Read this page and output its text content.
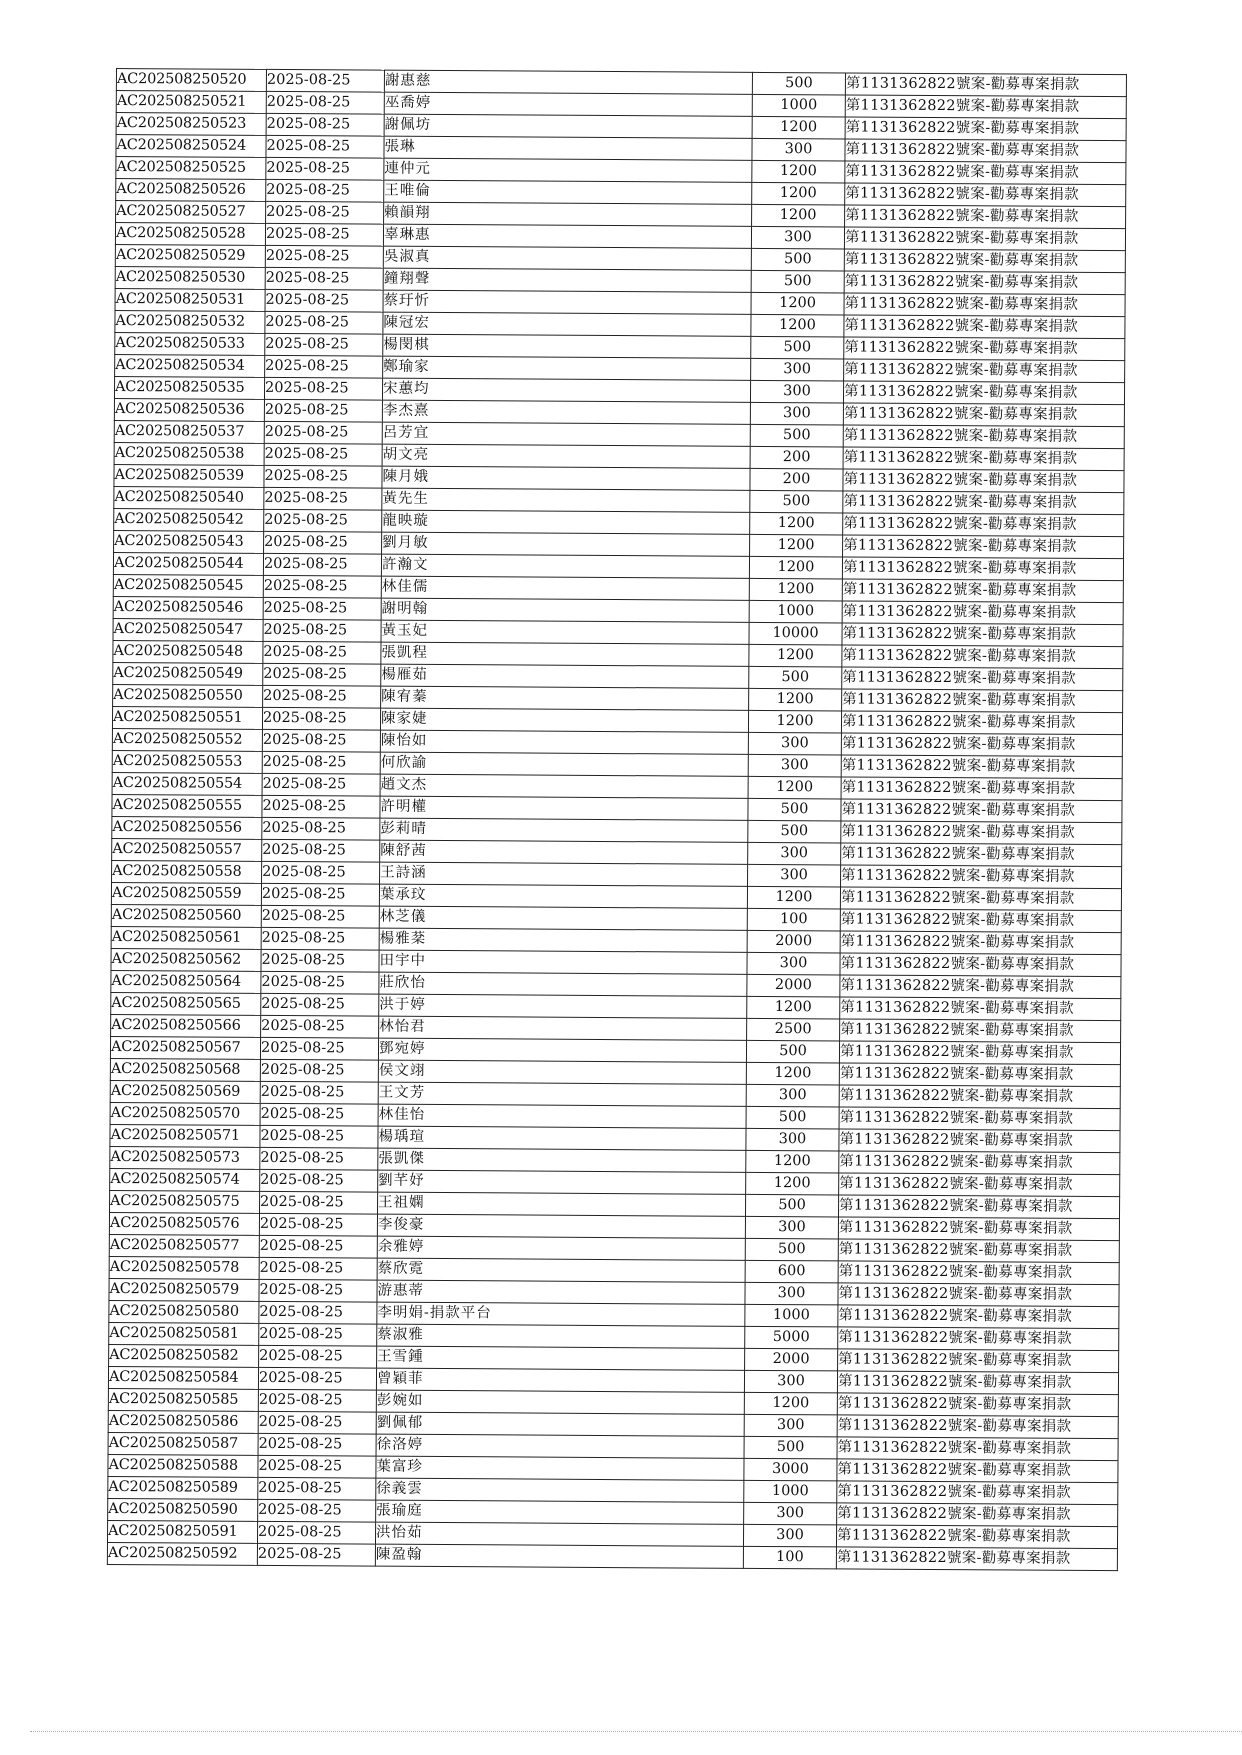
AC202508250520	2025-08-25	謝惠慈	500	第1131362822號案-勸募專案捐款
AC202508250521	2025-08-25	巫喬婷	1000	第1131362822號案-勸募專案捐款
AC202508250523	2025-08-25	謝佩坊	1200	第1131362822號案-勸募專案捐款
AC202508250524	2025-08-25	張琳	300	第1131362822號案-勸募專案捐款
AC202508250525	2025-08-25	連仲元	1200	第1131362822號案-勸募專案捐款
AC202508250526	2025-08-25	王唯倫	1200	第1131362822號案-勸募專案捐款
AC202508250527	2025-08-25	賴韻翔	1200	第1131362822號案-勸募專案捐款
AC202508250528	2025-08-25	辜琳惠	300	第1131362822號案-勸募專案捐款
AC202508250529	2025-08-25	吳淑真	500	第1131362822號案-勸募專案捐款
AC202508250530	2025-08-25	鐘翔聲	500	第1131362822號案-勸募專案捐款
AC202508250531	2025-08-25	蔡玗忻	1200	第1131362822號案-勸募專案捐款
AC202508250532	2025-08-25	陳冠宏	1200	第1131362822號案-勸募專案捐款
AC202508250533	2025-08-25	楊閔棋	500	第1131362822號案-勸募專案捐款
AC202508250534	2025-08-25	鄭瑜家	300	第1131362822號案-勸募專案捐款
AC202508250535	2025-08-25	宋蕙均	300	第1131362822號案-勸募專案捐款
AC202508250536	2025-08-25	李杰熹	300	第1131362822號案-勸募專案捐款
AC202508250537	2025-08-25	呂芳宜	500	第1131362822號案-勸募專案捐款
AC202508250538	2025-08-25	胡文亮	200	第1131362822號案-勸募專案捐款
AC202508250539	2025-08-25	陳月娥	200	第1131362822號案-勸募專案捐款
AC202508250540	2025-08-25	黃先生	500	第1131362822號案-勸募專案捐款
AC202508250542	2025-08-25	龍映璇	1200	第1131362822號案-勸募專案捐款
AC202508250543	2025-08-25	劉月敏	1200	第1131362822號案-勸募專案捐款
AC202508250544	2025-08-25	許瀚文	1200	第1131362822號案-勸募專案捐款
AC202508250545	2025-08-25	林佳儒	1200	第1131362822號案-勸募專案捐款
AC202508250546	2025-08-25	謝明翰	1000	第1131362822號案-勸募專案捐款
AC202508250547	2025-08-25	黃玉妃	10000	第1131362822號案-勸募專案捐款
AC202508250548	2025-08-25	張凱程	1200	第1131362822號案-勸募專案捐款
AC202508250549	2025-08-25	楊雁茹	500	第1131362822號案-勸募專案捐款
AC202508250550	2025-08-25	陳宥蓁	1200	第1131362822號案-勸募專案捐款
AC202508250551	2025-08-25	陳家婕	1200	第1131362822號案-勸募專案捐款
AC202508250552	2025-08-25	陳怡如	300	第1131362822號案-勸募專案捐款
AC202508250553	2025-08-25	何欣諭	300	第1131362822號案-勸募專案捐款
AC202508250554	2025-08-25	趙文杰	1200	第1131362822號案-勸募專案捐款
AC202508250555	2025-08-25	許明權	500	第1131362822號案-勸募專案捐款
AC202508250556	2025-08-25	彭莉晴	500	第1131362822號案-勸募專案捐款
AC202508250557	2025-08-25	陳舒茜	300	第1131362822號案-勸募專案捐款
AC202508250558	2025-08-25	王詩涵	300	第1131362822號案-勸募專案捐款
AC202508250559	2025-08-25	葉承玟	1200	第1131362822號案-勸募專案捐款
AC202508250560	2025-08-25	林芝儀	100	第1131362822號案-勸募專案捐款
AC202508250561	2025-08-25	楊雅棻	2000	第1131362822號案-勸募專案捐款
AC202508250562	2025-08-25	田宇中	300	第1131362822號案-勸募專案捐款
AC202508250564	2025-08-25	莊欣怡	2000	第1131362822號案-勸募專案捐款
AC202508250565	2025-08-25	洪于婷	1200	第1131362822號案-勸募專案捐款
AC202508250566	2025-08-25	林怡君	2500	第1131362822號案-勸募專案捐款
AC202508250567	2025-08-25	鄧宛婷	500	第1131362822號案-勸募專案捐款
AC202508250568	2025-08-25	侯文翊	1200	第1131362822號案-勸募專案捐款
AC202508250569	2025-08-25	王文芳	300	第1131362822號案-勸募專案捐款
AC202508250570	2025-08-25	林佳怡	500	第1131362822號案-勸募專案捐款
AC202508250571	2025-08-25	楊瑀瑄	300	第1131362822號案-勸募專案捐款
AC202508250573	2025-08-25	張凱傑	1200	第1131362822號案-勸募專案捐款
AC202508250574	2025-08-25	劉芊妤	1200	第1131362822號案-勸募專案捐款
AC202508250575	2025-08-25	王祖嫻	500	第1131362822號案-勸募專案捐款
AC202508250576	2025-08-25	李俊豪	300	第1131362822號案-勸募專案捐款
AC202508250577	2025-08-25	余雅婷	500	第1131362822號案-勸募專案捐款
AC202508250578	2025-08-25	蔡欣霓	600	第1131362822號案-勸募專案捐款
AC202508250579	2025-08-25	游惠蒂	300	第1131362822號案-勸募專案捐款
AC202508250580	2025-08-25	李明娟-捐款平台	1000	第1131362822號案-勸募專案捐款
AC202508250581	2025-08-25	蔡淑雅	5000	第1131362822號案-勸募專案捐款
AC202508250582	2025-08-25	王雪鍾	2000	第1131362822號案-勸募專案捐款
AC202508250584	2025-08-25	曾穎菲	300	第1131362822號案-勸募專案捐款
AC202508250585	2025-08-25	彭婉如	1200	第1131362822號案-勸募專案捐款
AC202508250586	2025-08-25	劉佩郁	300	第1131362822號案-勸募專案捐款
AC202508250587	2025-08-25	徐洛婷	500	第1131362822號案-勸募專案捐款
AC202508250588	2025-08-25	葉富珍	3000	第1131362822號案-勸募專案捐款
AC202508250589	2025-08-25	徐義雲	1000	第1131362822號案-勸募專案捐款
AC202508250590	2025-08-25	張瑜庭	300	第1131362822號案-勸募專案捐款
AC202508250591	2025-08-25	洪怡茹	300	第1131362822號案-勸募專案捐款
AC202508250592	2025-08-25	陳盈翰	100	第1131362822號案-勸募專案捐款
